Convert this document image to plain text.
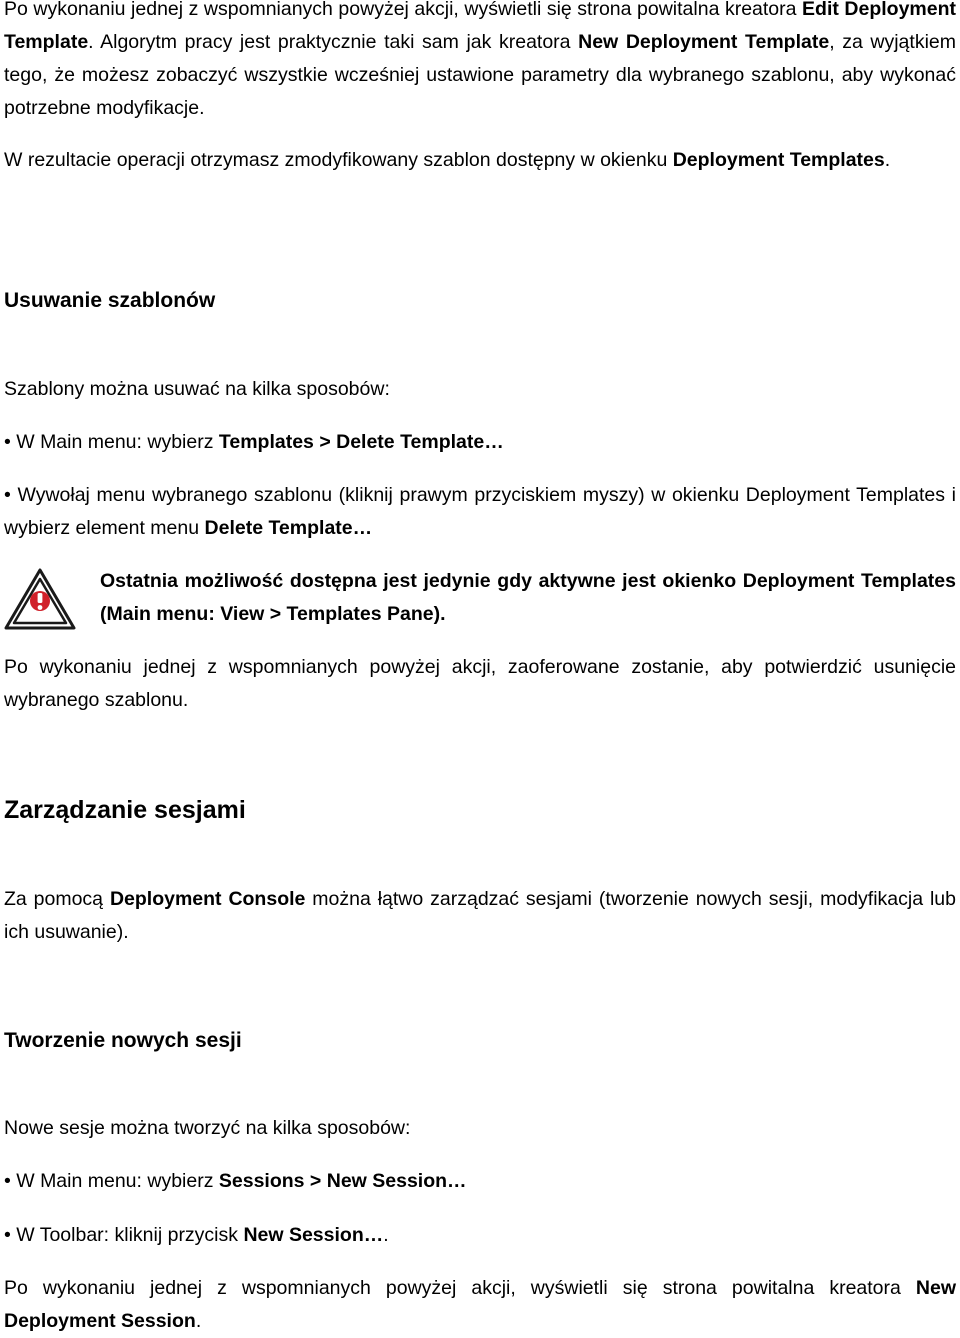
Po wykonaniu jednej z wspomnianych powyżej akcji, wyświetli się strona powitalna kreatora Edit Deployment Template. Algorytm pracy jest praktycznie taki sam jak kreatora New Deployment Template, za wyjątkiem tego, że możesz zobaczyć wszystkie wcześniej ustawione parametry dla wybranego szablonu, aby wykonać potrzebne modyfikacje.

W rezultacie operacji otrzymasz zmodyfikowany szablon dostępny w okienku Deployment Templates.

Usuwanie szablonów

Szablony można usuwać na kilka sposobów:

• W Main menu: wybierz Templates > Delete Template…

• Wywołaj menu wybranego szablonu (kliknij prawym przyciskiem myszy) w okienku Deployment Templates i wybierz element menu Delete Template…

Ostatnia możliwość dostępna jest jedynie gdy aktywne jest okienko Deployment Templates (Main menu: View > Templates Pane).

Po wykonaniu jednej z wspomnianych powyżej akcji, zaoferowane zostanie, aby potwierdzić usunięcie wybranego szablonu.

Zarządzanie sesjami

Za pomocą Deployment Console można łątwo zarządzać sesjami (tworzenie nowych sesji, modyfikacja lub ich usuwanie).

Tworzenie nowych sesji

Nowe sesje można tworzyć na kilka sposobów:

• W Main menu: wybierz Sessions > New Session…

• W Toolbar: kliknij przycisk New Session….

Po wykonaniu jednej z wspomnianych powyżej akcji, wyświetli się strona powitalna kreatora New Deployment Session.
